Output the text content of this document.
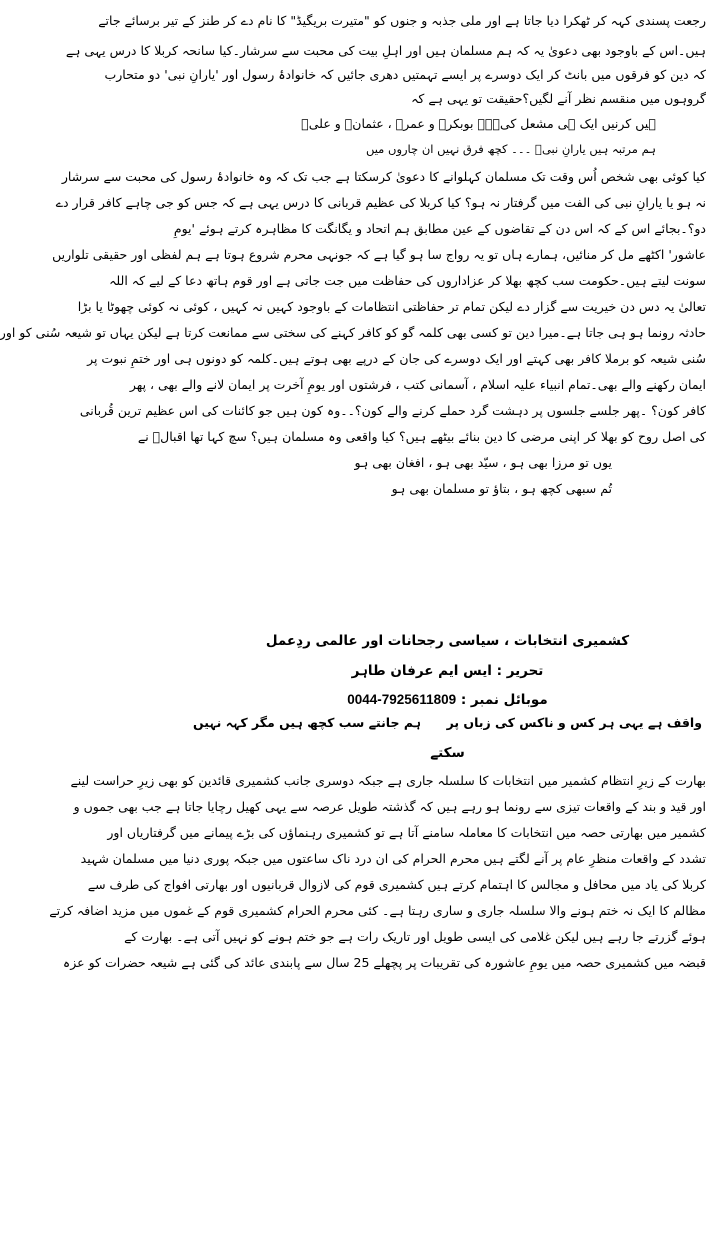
رجعت پسندی کہہ کر ٹھکرا دیا جاتا ہے اور ملی جذبہ و جنوں کو "متیرت بریگیڈ" کا نام دے کر طنز کے تیر برسائے جاتے
ہیں۔اس کے باوجود بھی دعویٰ یہ کہ ہم مسلمان ہیں اور اہلِ بیت کی محبت سے سرشار۔کیا سانحہ کربلا کا درس یہی ہے
کہ دین کو فرقوں میں بانٹ کر ایک دوسرے پر ایسے تہمتیں دھری جائیں کہ خانوادۂ رسول اور 'یارانِ نبی' دو متحارب
گروہوں میں منقسم نظر آنے لگیں؟حقیقت تو یہی ہے کہ
ہیں کرنیں ایک ہی مشعل کی۔۔۔ بوبکرؓ و عمرؓ ، عثمانؓ و علیؓ
ہم مرتبہ ہیں یارانِ نبیؐ ۔۔۔ کچھ فرق نہیں ان چاروں میں
کیا کوئی بھی شخص اُس وقت تک مسلمان کہلوانے کا دعویٰ کرسکتا ہے جب تک کہ وہ خانوادۂ رسول کی محبت سے سرشار
نہ ہو یا یارانِ نبی کی الفت میں گرفتار نہ ہو؟ کیا کربلا کی عظیم قربانی کا درس یہی ہے کہ جس کو جی چاہے کافر قرار دے
دو؟۔بجائے اس کے کہ اس دن کے تقاضوں کے عین مطابق ہم اتحاد و یگانگت کا مظاہرہ کرتے ہوئے 'یومِ
عاشور' اکٹھے مل کر منائیں، ہمارے ہاں تو یہ رواج سا ہو گیا ہے کہ جونہی محرم شروع ہوتا ہے ہم لفظی اور حقیقی تلواریں
سونت لیتے ہیں۔حکومت سب کچھ بھلا کر عزاداروں کی حفاظت میں جت جاتی ہے اور قوم ہاتھ دعا کے لیے کہ اللہ
تعالیٰ یہ دس دن خیریت سے گزار دے لیکن تمام تر حفاظتی انتظامات کے باوجود کہیں نہ کہیں ، کوئی نہ کوئی چھوٹا یا بڑا
حادثہ رونما ہو ہی جاتا ہے۔میرا دین تو کسی بھی کلمہ گو کو کافر کہنے کی سختی سے ممانعت کرتا ہے لیکن یہاں تو شیعہ سُنی کو اور
سُنی شیعہ کو برملا کافر بھی کہتے اور ایک دوسرے کی جان کے درپے بھی ہوتے ہیں۔کلمہ کو دونوں ہی اور ختمِ نبوت پر
ایمان رکھنے والے بھی۔تمام انبیاء علیہ اسلام ، آسمانی کتب ، فرشتوں اور یومِ آخرت پر ایمان لانے والے بھی ، پھر
کافر کون؟ ۔پھر جلسے جلسوں پر دہشت گرد حملے کرنے والے کون؟۔۔وہ کون ہیں جو کائنات کی اس عظیم ترین قُربانی
کی اصل روح کو بھلا کر اپنی مرضی کا دین بنائے بیٹھے ہیں؟ کیا واقعی وہ مسلمان ہیں؟ سچ کہا تھا اقبالؒ نے
یوں تو مرزا بھی ہو ، سیّد بھی ہو ، افغان بھی ہو
تُم سبھی کچھ ہو ، بتاؤ تو مسلمان بھی ہو
کشمیری انتخابات ، سیاسی رجحانات اور عالمی ردِعمل
تحریر : ایس ایم عرفان طاہر
موبائل نمبر : 0044-7925611809
واقف ہے یہی ہر کس و ناکس کی زباں پر
ہم جانتے سب کچھ ہیں مگر کہہ نہیں
سکتے
بھارت کے زیرِ انتظام کشمیر میں انتخابات کا سلسلہ جاری ہے جبکہ دوسری جانب کشمیری قائدین کو بھی زیرِ حراست لینے
اور قید و بند کے واقعات تیزی سے رونما ہو رہے ہیں کہ گذشتہ طویل عرصہ سے یہی کھیل رچایا جاتا ہے جب بھی جموں و
کشمیر میں بھارتی حصہ میں انتخابات کا معاملہ سامنے آتا ہے تو کشمیری رہنماؤں کی بڑے پیمانے میں گرفتاریاں اور
تشدد کے واقعات منظرِ عام پر آنے لگتے ہیں محرم الحرام کی ان درد ناک ساعتوں میں جبکہ پوری دنیا میں مسلمان شہید
کربلا کی یاد میں محافل و مجالس کا اہتمام کرتے ہیں کشمیری قوم کی لازوال قربانیوں اور بھارتی افواج کی طرف سے
مظالم کا ایک نہ ختم ہونے والا سلسلہ جاری و ساری رہتا ہے۔ کئی محرم الحرام کشمیری قوم کے غموں میں مزید اضافہ کرتے
ہوئے گزرتے جا رہے ہیں لیکن غلامی کی ایسی طویل اور تاریک رات ہے جو ختم ہونے کو نہیں آتی ہے۔ بھارت کے
قبضہ میں کشمیری حصہ میں یومِ عاشورہ کی تقریبات پر پچھلے 25 سال سے پابندی عائد کی گئی ہے شیعہ حضرات کو عزہ
